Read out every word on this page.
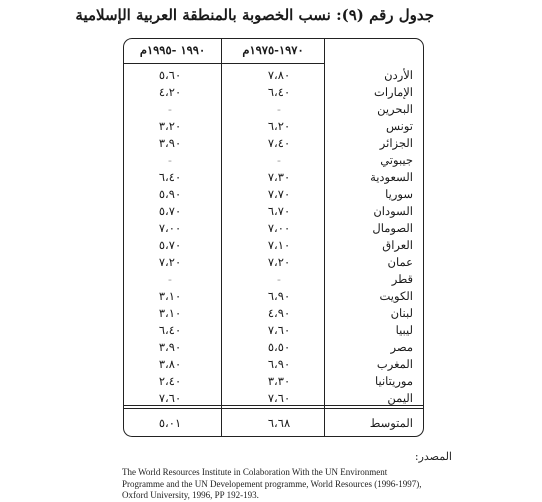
جدول رقم (٩): نسب الخصوبة بالمنطقة العربية الإسلامية
١٩٩٠ -١٩٩٥م	١٩٧٠-١٩٧٥م
الأردن
٧،٨٠
٥،٦٠
الإمارات
٦،٤٠
٤،٢٠
البحرين
-
-
تونس
٦،٢٠
٣،٢٠
الجزائر
٧،٤٠
٣،٩٠
جيبوتي
-
-
السعودية
٧،٣٠
٦،٤٠
سوريا
٧،٧٠
٥،٩٠
السودان
٦،٧٠
٥،٧٠
الصومال
٧،٠٠
٧،٠٠
العراق
٧،١٠
٥،٧٠
عمان
٧،٢٠
٧،٢٠
قطر
-
-
الكويت
٦،٩٠
٣،١٠
لبنان
٤،٩٠
٣،١٠
ليبيا
٧،٦٠
٦،٤٠
مصر
٥،٥٠
٣،٩٠
المغرب
٦،٩٠
٣،٨٠
موريتانيا
٣،٣٠
٢،٤٠
اليمن
٧،٦٠
٧،٦٠
المتوسط
٦،٦٨
٥،٠١
المصدر:
The World Resources Institute in Colaboration With the UN Environment Programme and the UN Developement programme, World Resources (1996-1997), Oxford University, 1996, PP 192-193.
